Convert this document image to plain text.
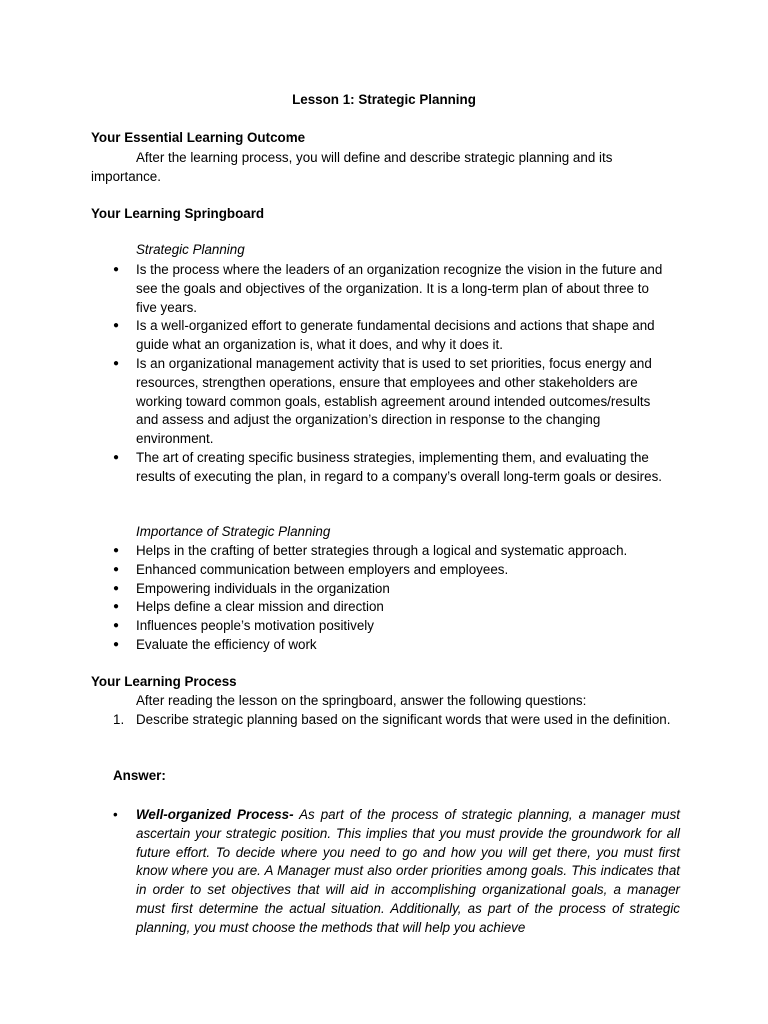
Lesson 1: Strategic Planning
Your Essential Learning Outcome
After the learning process, you will define and describe strategic planning and its importance.
Your Learning Springboard
Strategic Planning
● Is the process where the leaders of an organization recognize the vision in the future and see the goals and objectives of the organization. It is a long-term plan of about three to five years.
● Is a well-organized effort to generate fundamental decisions and actions that shape and guide what an organization is, what it does, and why it does it.
● Is an organizational management activity that is used to set priorities, focus energy and resources, strengthen operations, ensure that employees and other stakeholders are working toward common goals, establish agreement around intended outcomes/results and assess and adjust the organization’s direction in response to the changing environment.
● The art of creating specific business strategies, implementing them, and evaluating the results of executing the plan, in regard to a company’s overall long-term goals or desires.
Importance of Strategic Planning
● Helps in the crafting of better strategies through a logical and systematic approach.
● Enhanced communication between employers and employees.
● Empowering individuals in the organization
● Helps define a clear mission and direction
● Influences people’s motivation positively
● Evaluate the efficiency of work
Your Learning Process
After reading the lesson on the springboard, answer the following questions:
1. Describe strategic planning based on the significant words that were used in the definition.
Answer:
•	Well-organized Process- As part of the process of strategic planning, a manager must ascertain your strategic position. This implies that you must provide the groundwork for all future effort. To decide where you need to go and how you will get there, you must first know where you are. A Manager must also order priorities among goals. This indicates that in order to set objectives that will aid in accomplishing organizational goals, a manager must first determine the actual situation. Additionally, as part of the process of strategic planning, you must choose the methods that will help you achieve
